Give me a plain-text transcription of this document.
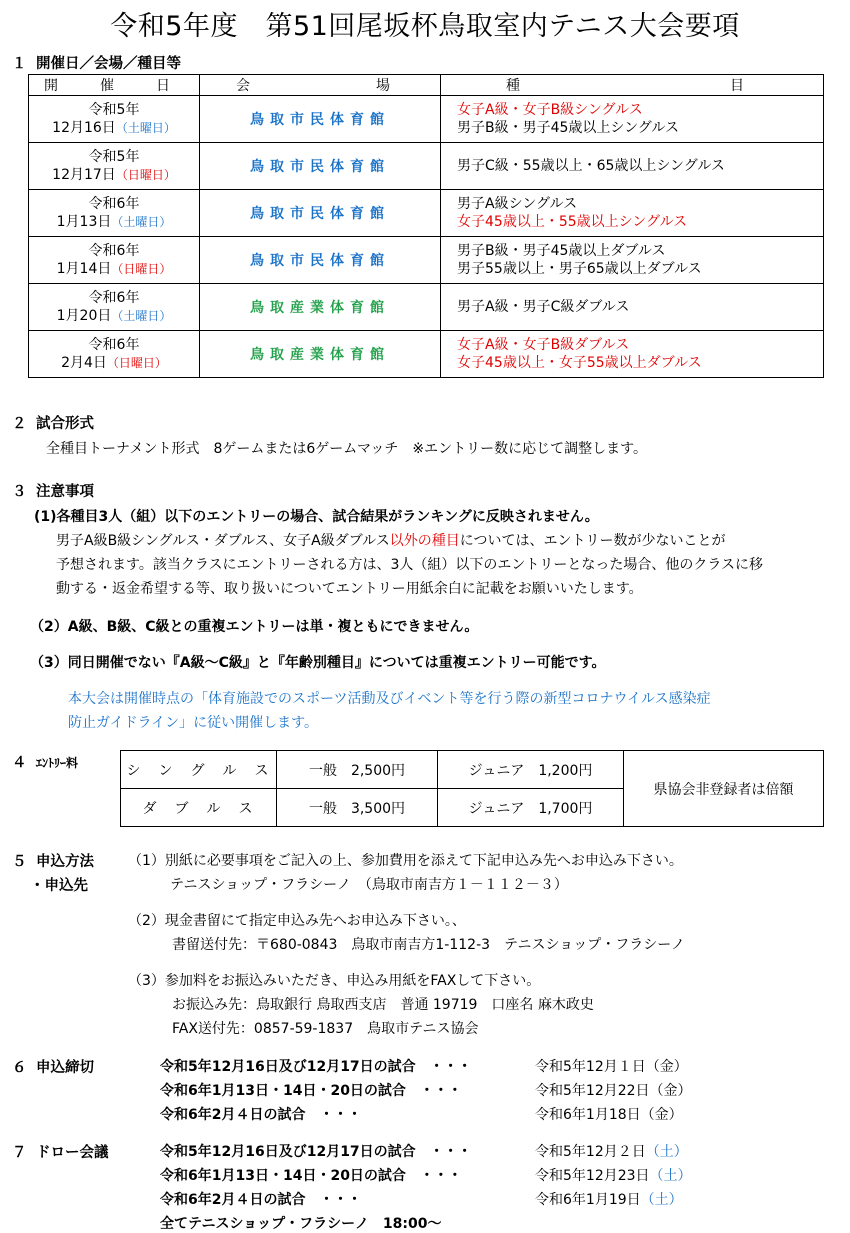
令和5年度　第51回尾坂杯鳥取室内テニス大会要項
１ 開催日／会場／種目等
開　催　日	会　　　　場	種　　　　　　　目
令和5年
12月16日（土曜日）	鳥取市民体育館	女子A級・女子B級シングルス
男子B級・男子45歳以上シングルス
令和5年
12月17日（日曜日）	鳥取市民体育館	男子C級・55歳以上・65歳以上シングルス
令和6年
1月13日（土曜日）	鳥取市民体育館	男子A級シングルス
女子45歳以上・55歳以上シングルス
令和6年
1月14日（日曜日）	鳥取市民体育館	男子B級・男子45歳以上ダブルス
男子55歳以上・男子65歳以上ダブルス
令和6年
1月20日（土曜日）	鳥取産業体育館	男子A級・男子C級ダブルス
令和6年
2月4日（日曜日）	鳥取産業体育館	女子A級・女子B級ダブルス
女子45歳以上・女子55歳以上ダブルス
２ 試合形式
全種目トーナメント形式　8ゲームまたは6ゲームマッチ　※エントリー数に応じて調整します。
３ 注意事項
(1)各種目3人（組）以下のエントリーの場合、試合結果がランキングに反映されません。
男子A級B級シングルス・ダブルス、女子A級ダブルス以外の種目については、エントリー数が少ないことが
予想されます。該当クラスにエントリーされる方は、3人（組）以下のエントリーとなった場合、他のクラスに移
動する・返金希望する等、取り扱いについてエントリー用紙余白に記載をお願いいたします。
（2）A級、B級、C級との重複エントリーは単・複ともにできません。
（3）同日開催でない『A級～C級』と『年齢別種目』については重複エントリー可能です。
本大会は開催時点の「体育施設でのスポーツ活動及びイベント等を行う際の新型コロナウイルス感染症
防止ガイドライン」に従い開催します。
４ ｴﾝﾄﾘｰ料	シ　ン　グ　ル　ス	一般　2,500円	ジュニア　1,200円	県協会非登録者は倍額
ダ　ブ　ル　ス	一般　3,500円	ジュニア　1,700円	
５ 申込方法
・申込先
（1）別紙に必要事項をご記入の上、参加費用を添えて下記申込み先へお申込み下さい。
テニスショップ・フラシーノ　（鳥取市南吉方１－１１２－３）
（2）現金書留にて指定申込み先へお申込み下さい。、
書留送付先：〒680-0843　鳥取市南吉方1-112-3　テニスショップ・フラシーノ
（3）参加料をお振込みいただき、申込み用紙をFAXして下さい。
お振込み先：鳥取銀行 鳥取西支店　普通 19719　口座名 麻木政史
FAX送付先：0857-59-1837　鳥取市テニス協会
６ 申込締切	令和5年12月16日及び12月17日の試合　・・・	令和5年12月１日（金）
令和6年1月13日・14日・20日の試合　・・・	令和5年12月22日（金）
令和6年2月４日の試合　・・・	令和6年1月18日（金）
７ ドロー会議	令和5年12月16日及び12月17日の試合　・・・	令和5年12月２日（土）
令和6年1月13日・14日・20日の試合　・・・	令和5年12月23日（土）
令和6年2月４日の試合　・・・	令和6年1月19日（土）
全てテニスショップ・フラシーノ　18:00～
